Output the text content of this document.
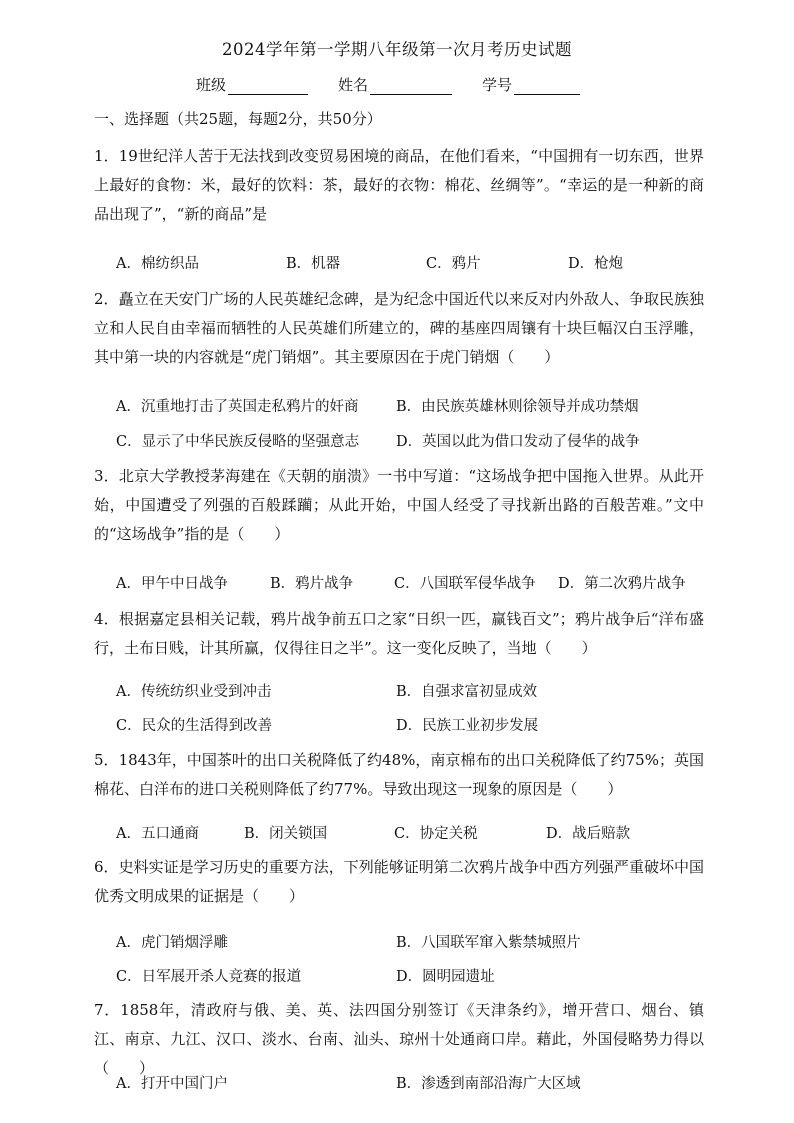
2024学年第一学期八年级第一次月考历史试题
班级	姓名	学号
一、选择题（共25题，每题2分，共50分）
1．19世纪洋人苦于无法找到改变贸易困境的商品，在他们看来，“中国拥有一切东西，世界上最好的食物：米，最好的饮料：茶，最好的衣物：棉花、丝绸等”。“幸运的是一种新的商品出现了”，“新的商品”是
A．棉纺织品	B．机器	C．鸦片	D．枪炮
2．矗立在天安门广场的人民英雄纪念碑，是为纪念中国近代以来反对内外敌人、争取民族独立和人民自由幸福而牺牲的人民英雄们所建立的，碑的基座四周镶有十块巨幅汉白玉浮雕，其中第一块的内容就是“虎门销烟”。其主要原因在于虎门销烟（　　）
A．沉重地打击了英国走私鸦片的奸商	B．由民族英雄林则徐领导并成功禁烟
C．显示了中华民族反侵略的坚强意志	D．英国以此为借口发动了侵华的战争
3．北京大学教授茅海建在《天朝的崩溃》一书中写道：“这场战争把中国拖入世界。从此开始，中国遭受了列强的百般蹂躏；从此开始，中国人经受了寻找新出路的百般苦难。”文中的“这场战争”指的是（　　）
A．甲午中日战争	B．鸦片战争	C．八国联军侵华战争 D．第二次鸦片战争
4．根据嘉定县相关记载，鸦片战争前五口之家“日织一匹，赢钱百文”；鸦片战争后“洋布盛行，土布日贱，计其所赢，仅得往日之半”。这一变化反映了，当地（　　）
A．传统纺织业受到冲击	B．自强求富初显成效
C．民众的生活得到改善	D．民族工业初步发展
5．1843年，中国茶叶的出口关税降低了约48%，南京棉布的出口关税降低了约75%；英国棉花、白洋布的进口关税则降低了约77%。导致出现这一现象的原因是（　　）
A．五口通商	B．闭关锁国	C．协定关税	D．战后赔款
6．史料实证是学习历史的重要方法，下列能够证明第二次鸦片战争中西方列强严重破坏中国优秀文明成果的证据是（　　）
A．虎门销烟浮雕	B．八国联军窜入紫禁城照片
C．日军展开杀人竞赛的报道	D．圆明园遗址
7．1858年，清政府与俄、美、英、法四国分别签订《天津条约》，增开营口、烟台、镇江、南京、九江、汉口、淡水、台南、汕头、琼州十处通商口岸。藉此，外国侵略势力得以（　　）
A．打开中国门户	B．渗透到南部沿海广大区域
